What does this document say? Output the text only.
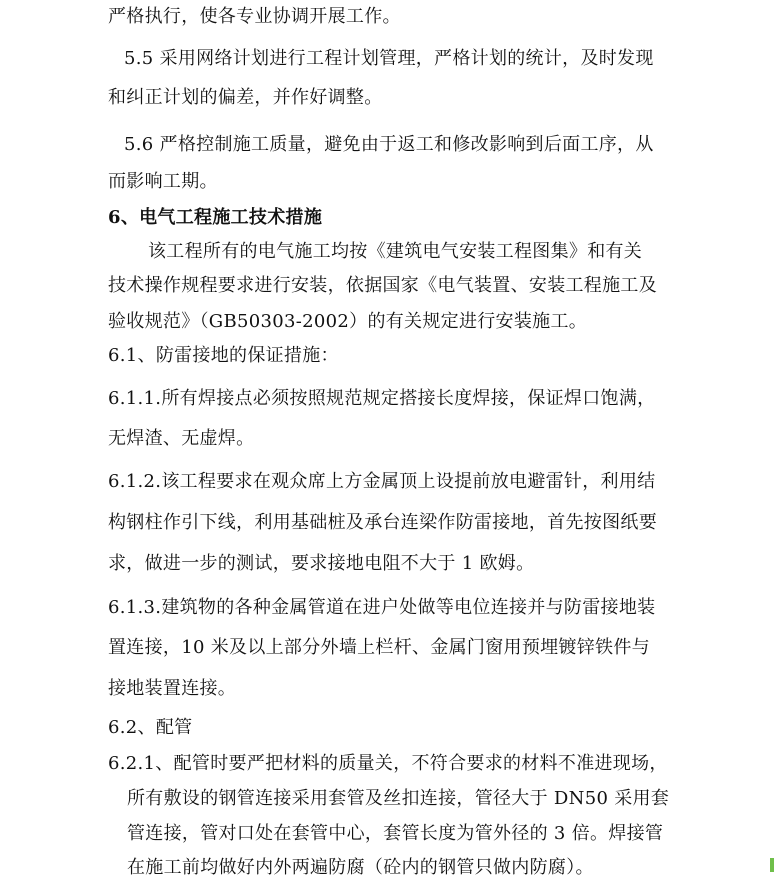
严格执行，使各专业协调开展工作。
5.5 采用网络计划进行工程计划管理，严格计划的统计，及时发现
和纠正计划的偏差，并作好调整。
5.6 严格控制施工质量，避免由于返工和修改影响到后面工序，从
而影响工期。
6、电气工程施工技术措施
该工程所有的电气施工均按《建筑电气安装工程图集》和有关
技术操作规程要求进行安装，依据国家《电气装置、安装工程施工及
验收规范》（GB50303-2002）的有关规定进行安装施工。
6.1、防雷接地的保证措施：
6.1.1.所有焊接点必须按照规范规定搭接长度焊接，保证焊口饱满，
无焊渣、无虚焊。
6.1.2.该工程要求在观众席上方金属顶上设提前放电避雷针，利用结
构钢柱作引下线，利用基础桩及承台连梁作防雷接地，首先按图纸要
求，做进一步的测试，要求接地电阻不大于 1 欧姆。
6.1.3.建筑物的各种金属管道在进户处做等电位连接并与防雷接地装
置连接，10 米及以上部分外墙上栏杆、金属门窗用预埋镀锌铁件与
接地装置连接。
6.2、配管
6.2.1、配管时要严把材料的质量关，不符合要求的材料不准进现场，
所有敷设的钢管连接采用套管及丝扣连接，管径大于 DN50 采用套
管连接，管对口处在套管中心，套管长度为管外径的 3 倍。焊接管
在施工前均做好内外两遍防腐（砼内的钢管只做内防腐）。
